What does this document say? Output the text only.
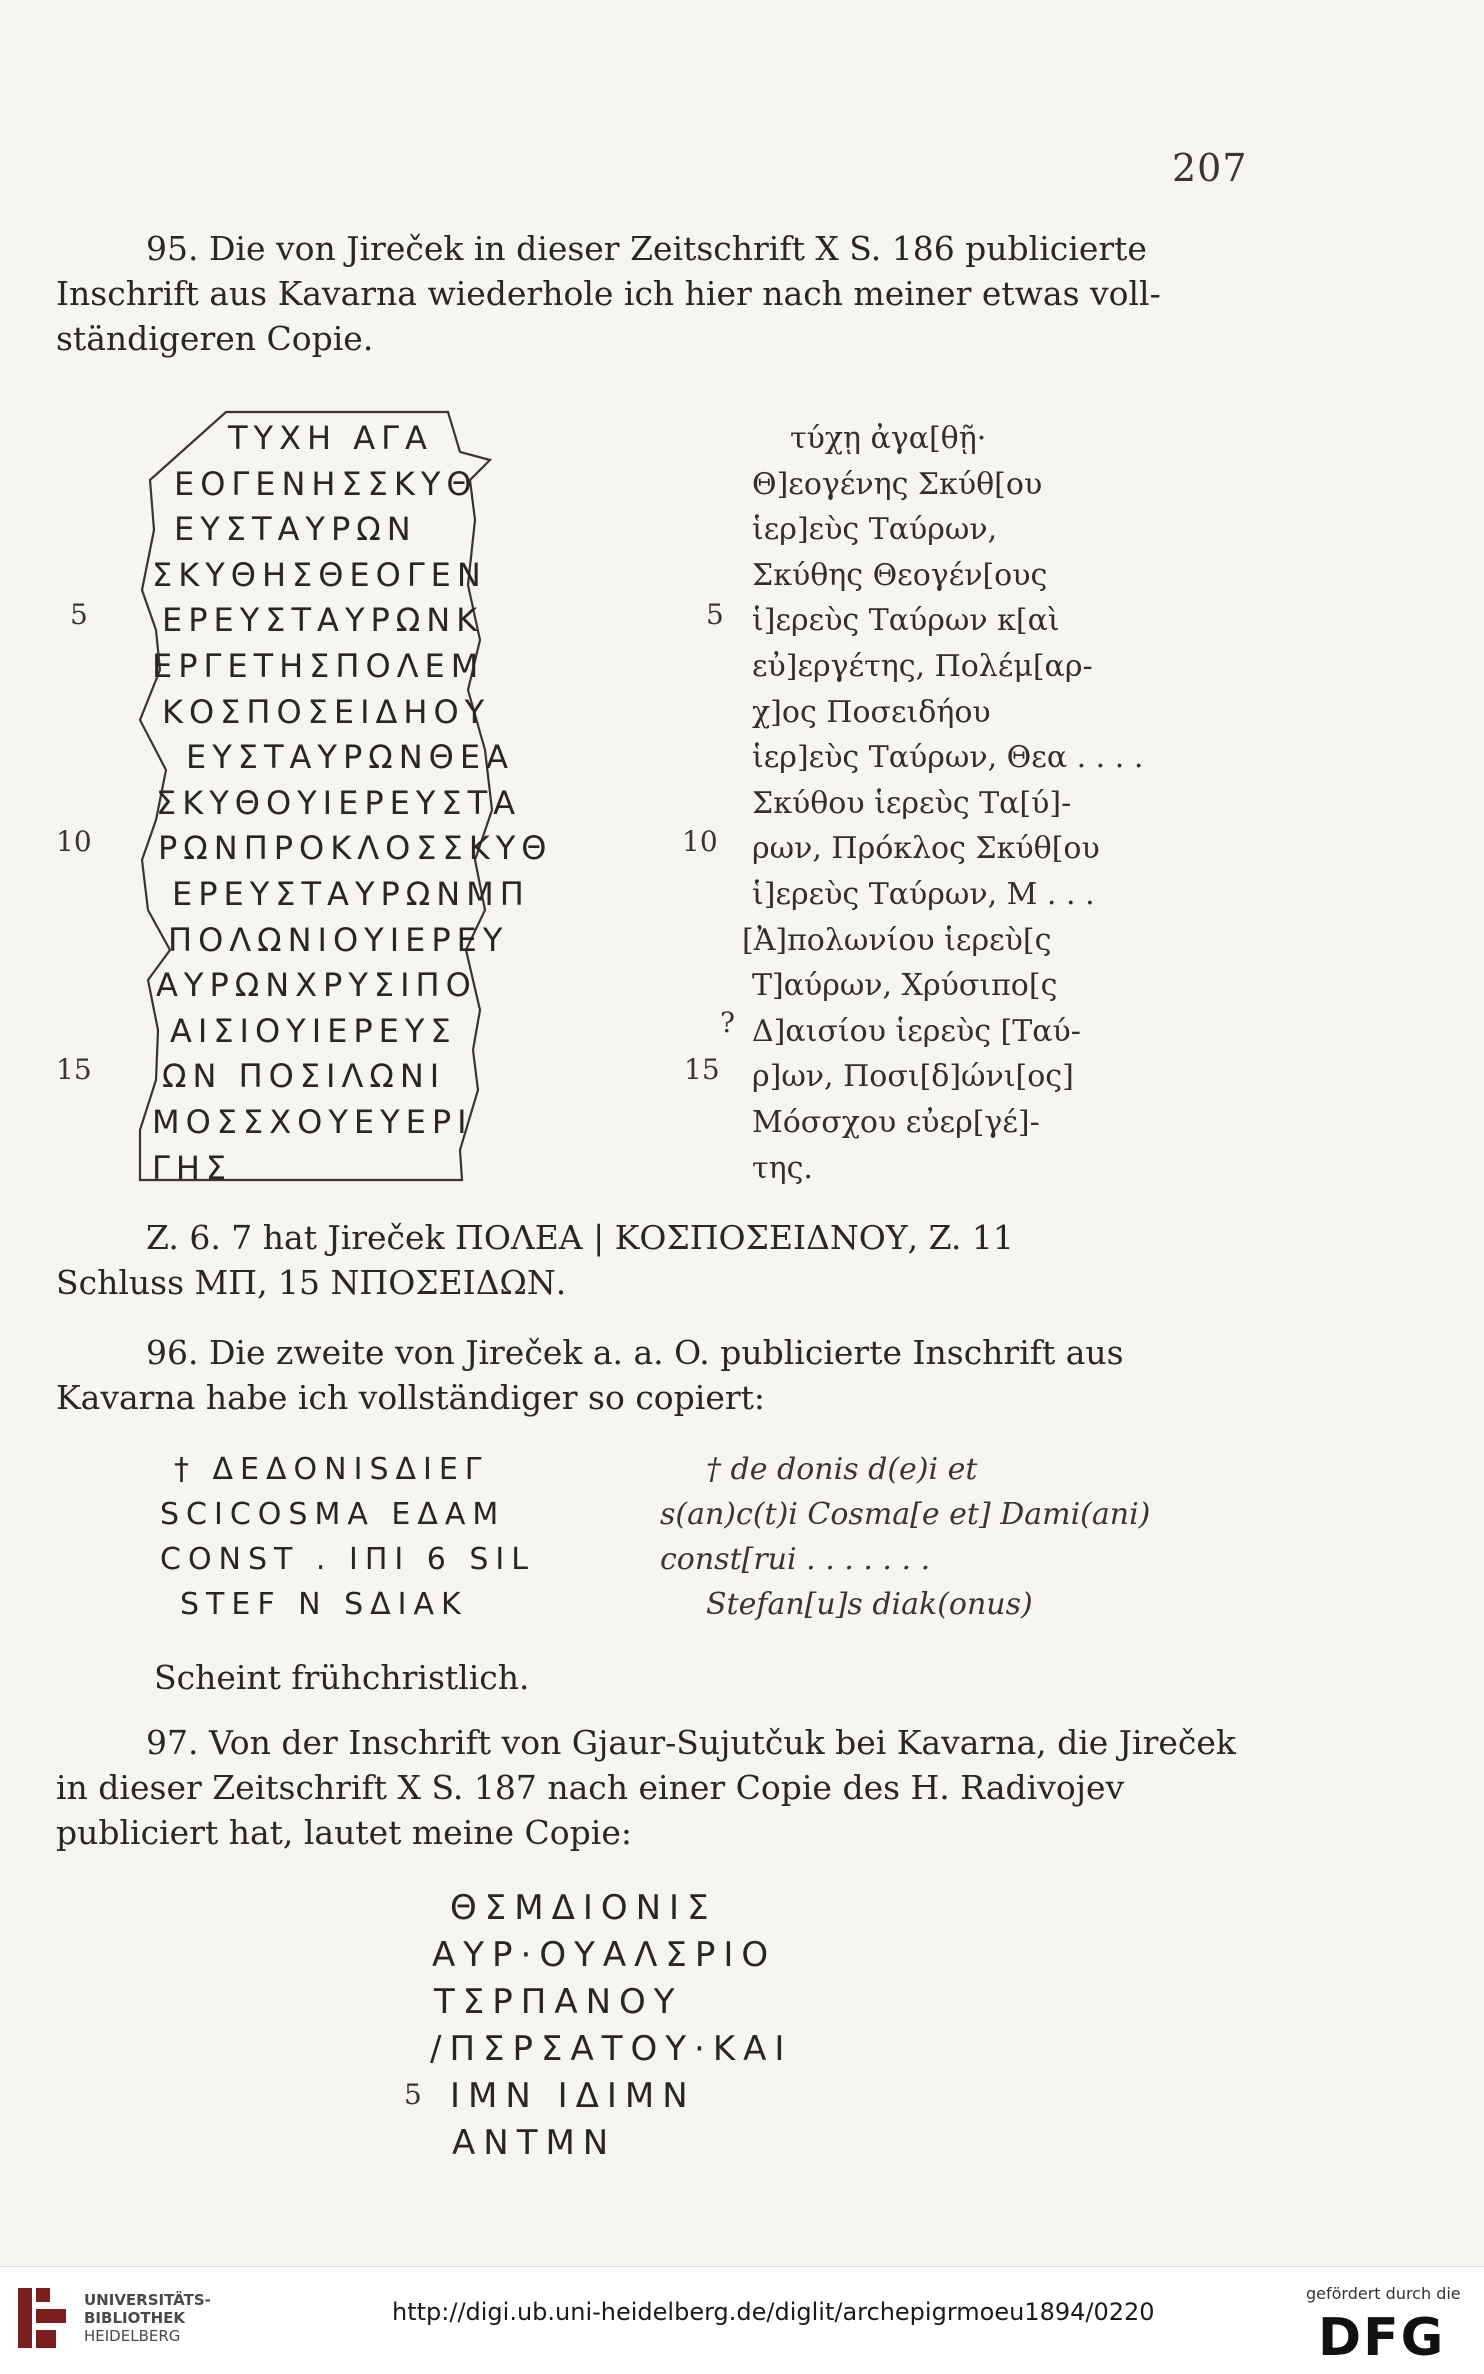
207
95. Die von Jireček in dieser Zeitschrift X S. 186 publicierte
Inschrift aus Kavarna wiederhole ich hier nach meiner etwas voll-
ständigeren Copie.
ΤΥΧΗ ΑΓΑ
ΕΟΓΕΝΗΣΣΚΥΘ
ΕΥΣΤΑΥΡΩΝ
ΣΚΥΘΗΣΘΕΟΓΕΝ
ΕΡΕΥΣΤΑΥΡΩΝΚ
ΕΡΓΕΤΗΣΠΟΛΕΜ
ΚΟΣΠΟΣΕΙΔΗΟΥ
ΕΥΣΤΑΥΡΩΝΘΕΑ
ΣΚΥΘΟΥΙΕΡΕΥΣΤΑ
ΡΩΝΠΡΟΚΛΟΣΣΚΥΘ
ΕΡΕΥΣΤΑΥΡΩΝΜΠ
ΠΟΛΩΝΙΟΥΙΕΡΕΥ
ΑΥΡΩΝΧΡΥΣΙΠΟ
ΑΙΣΙΟΥΙΕΡΕΥΣ
ΩΝ ΠΟΣΙΛΩΝΙ
ΜΟΣΣΧΟΥΕΥΕΡΙ
ΓΗΣ
5
10
15
τύχῃ ἀγα[θῇ·
Θ]εογένης Σκύθ[ου
ἱερ]εὺς Ταύρων,
Σκύθης Θεογέν[ους
ἱ]ερεὺς Ταύρων κ[αὶ
εὐ]εργέτης, Πολέμ[αρ-
χ]ος Ποσειδήου
ἱερ]εὺς Ταύρων, Θεα . . . .
Σκύθου ἱερεὺς Τα[ύ]-
ρων, Πρόκλος Σκύθ[ου
ἱ]ερεὺς Ταύρων, Μ . . .
[Ἀ]πολωνίου ἱερεὺ[ς
Τ]αύρων, Χρύσιπο[ς
Δ]αισίου ἱερεὺς [Ταύ-
ρ]ων, Ποσι[δ]ώνι[ος]
Μόσσχου εὐερ[γέ]-
της.
5
10
?
15
Z. 6. 7 hat Jireček ΠΟΛΕΑ | ΚΟΣΠΟΣΕΙΔΝΟΥ, Z. 11
Schluss ΜΠ, 15 ΝΠΟΣΕΙΔΩΝ.
96. Die zweite von Jireček a. a. O. publicierte Inschrift aus
Kavarna habe ich vollständiger so copiert:
† ΔΕΔΟΝΙSΔΙΕΓ
SCICOSMA ΕΔΑΜ
CONST . ΙΠΙ 6 SΙL
STEF Ν SΔΙΑΚ
† de donis d(e)i et
s(an)c(t)i Cosma[e et] Dami(ani)
const[rui . . . . . . .
Stefan[u]s diak(onus)
Scheint frühchristlich.
97. Von der Inschrift von Gjaur-Sujutčuk bei Kavarna, die Jireček
in dieser Zeitschrift X S. 187 nach einer Copie des H. Radivojev
publiciert hat, lautet meine Copie:
ΘΣΜΔΙΟΝΙΣ
ΑΥΡ·ΟΥΑΛΣΡΙΟ
ΤΣΡΠΑΝΟΥ
/ΠΣΡΣΑΤΟΥ·ΚΑΙ
ΙΜΝ ΙΔΙΜΝ
ΑΝΤΜΝ
5
UNIVERSITÄTS-
BIBLIOTHEK
HEIDELBERG
http://digi.ub.uni-heidelberg.de/diglit/archepigrmoeu1894/0220
gefördert durch die
DFG
